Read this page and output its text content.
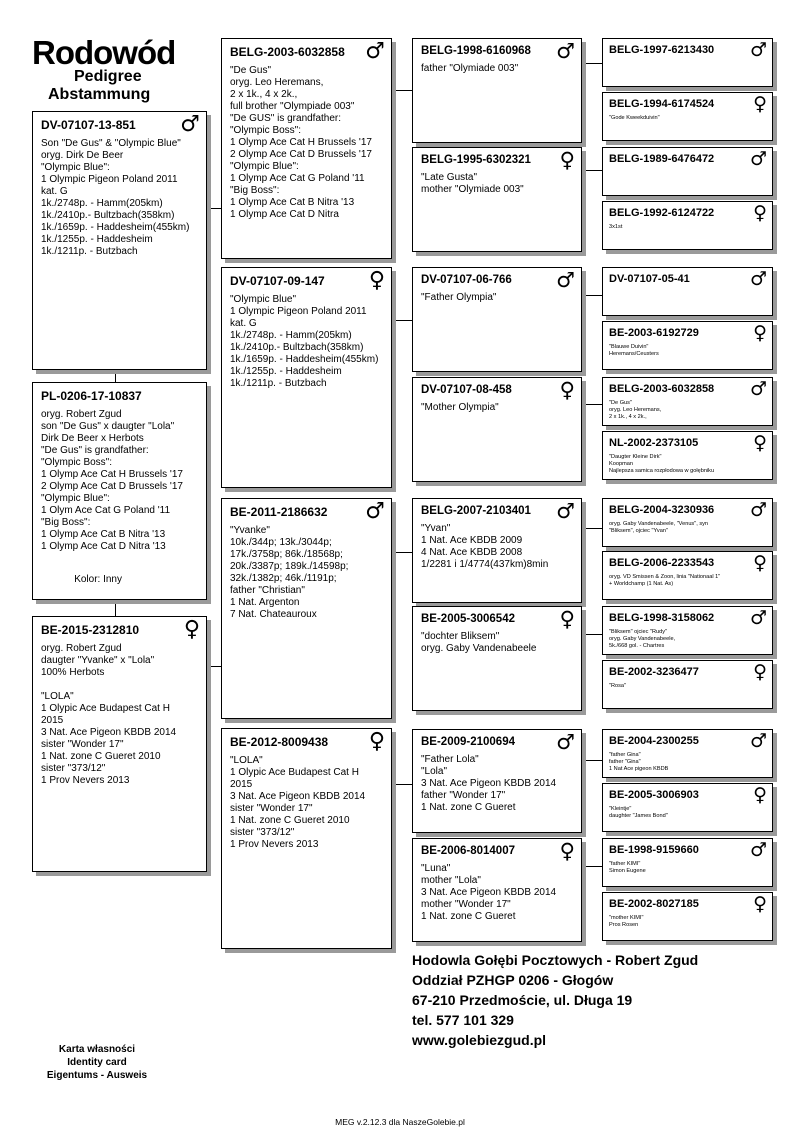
Rodowód
Pedigree
Abstammung
DV-07107-13-851 ♂
Son "De Gus" & "Olympic Blue"
oryg. Dirk De Beer
"Olympic Blue":
1 Olympic Pigeon Poland 2011
kat. G
1k./2748p. - Hamm(205km)
1k./2410p.- Bultzbach(358km)
1k./1659p. - Haddesheim(455km)
1k./1255p. - Haddesheim
1k./1211p. - Butzbach
PL-0206-17-10837
oryg. Robert Zgud
son "De Gus" x daugter "Lola"
Dirk De Beer x Herbots
"De Gus" is grandfather:
"Olympic Boss":
1 Olymp Ace Cat H Brussels '17
2 Olymp Ace Cat D Brussels '17
"Olympic Blue":
1 Olym Ace Cat G Poland '11
"Big Boss":
1 Olymp Ace Cat B Nitra '13
1 Olymp Ace Cat D Nitra '13
Kolor: Inny
BE-2015-2312810 ♀
oryg. Robert Zgud
daugter "Yvanke" x "Lola"
100% Herbots

"LOLA"
1 Olypic Ace Budapest Cat H
2015
3 Nat. Ace Pigeon KBDB 2014
sister "Wonder 17"
1 Nat. zone C Gueret 2010
sister "373/12"
1 Prov Nevers 2013
BELG-2003-6032858 ♂
"De Gus"
oryg. Leo Heremans,
2 x 1k., 4 x 2k.,
full brother "Olympiade 003"
"De GUS" is grandfather:
"Olympic Boss":
1 Olymp Ace Cat H Brussels '17
2 Olymp Ace Cat D Brussels '17
"Olympic Blue":
1 Olymp Ace Cat G Poland '11
"Big Boss":
1 Olymp Ace Cat B Nitra '13
1 Olymp Ace Cat D Nitra
DV-07107-09-147 ♀
"Olympic Blue"
1 Olympic Pigeon Poland 2011
kat. G
1k./2748p. - Hamm(205km)
1k./2410p.- Bultzbach(358km)
1k./1659p. - Haddesheim(455km)
1k./1255p. - Haddesheim
1k./1211p. - Butzbach
BE-2011-2186632 ♂
"Yvanke"
10k./344p; 13k./3044p;
17k./3758p; 86k./18568p;
20k./3387p; 189k./14598p;
32k./1382p; 46k./1191p;
father "Christian"
1 Nat. Argenton
7 Nat. Chateauroux
BE-2012-8009438 ♀
"LOLA"
1 Olypic Ace Budapest Cat H
2015
3 Nat. Ace Pigeon KBDB 2014
sister "Wonder 17"
1 Nat. zone C Gueret 2010
sister "373/12"
1 Prov Nevers 2013
BELG-1998-6160968 ♂
father "Olymiade 003"
BELG-1995-6302321 ♀
"Late Gusta"
mother "Olymiade 003"
DV-07107-06-766 ♂
"Father Olympia"
DV-07107-08-458 ♀
"Mother Olympia"
BELG-2007-2103401 ♂
"Yvan"
1 Nat. Ace KBDB 2009
4 Nat. Ace KBDB 2008
1/2281 i 1/4774(437km)8min
BE-2005-3006542 ♀
"dochter Bliksem"
oryg. Gaby Vandenabeele
BE-2009-2100694 ♂
"Father Lola"
"Lola"
3 Nat. Ace Pigeon KBDB 2014
father "Wonder 17"
1 Nat. zone C Gueret
BE-2006-8014007 ♀
"Luna"
mother "Lola"
3 Nat. Ace Pigeon KBDB 2014
mother "Wonder 17"
1 Nat. zone C Gueret
BELG-1997-6213430 ♂
BELG-1994-6174524 ♀
"Gode Kweekduivin"
BELG-1989-6476472 ♂
BELG-1992-6124722 ♀
3x1st
DV-07107-05-41	♂
BE-2003-6192729	♀
"Blauwe Duivin"
Heremans/Ceusters
BELG-2003-6032858 ♂
"De Gus"
oryg. Leo Heremans,
2 x 1k., 4 x 2k.,
NL-2002-2373105	♀
"Daugter Kleine Dirk"
Koopman
Najlepsza samica rozpłodowa w gołębniku
BELG-2004-3230936 ♂
oryg. Gaby Vandenabeele, "Venus", syn
"Bliksem", ojciec "Yvan"
BELG-2006-2233543 ♀
oryg. VD Smissen & Zoon, linia "Nationaal 1"
+ Worldchamp (1 Nat. As)
BELG-1998-3158062 ♂
"Bliksem" ojciec "Rudy"
oryg. Gaby Vandenabeele,
5k./668 gol. - Chartres
BE-2002-3236477	♀
"Rosa"
BE-2004-2300255	♂
"father Gina"
father "Gina"
1 Nat Ace pigeon KBDB
BE-2005-3006903	♀
"Kleintje"
daughter "James Bond"
BE-1998-9159660	♂
"father KIMI"
Simon Eugene
BE-2002-8027185	♀
"mother KIMI"
Pros Rosen
Hodowla Gołębi Pocztowych - Robert Zgud
Oddział PZHGP 0206 - Głogów
67-210 Przedmoście, ul. Długa 19
tel. 577 101 329
www.golebiezgud.pl
Karta własności
Identity card
Eigentums - Ausweis
MEG v.2.12.3 dla NaszeGolebie.pl
